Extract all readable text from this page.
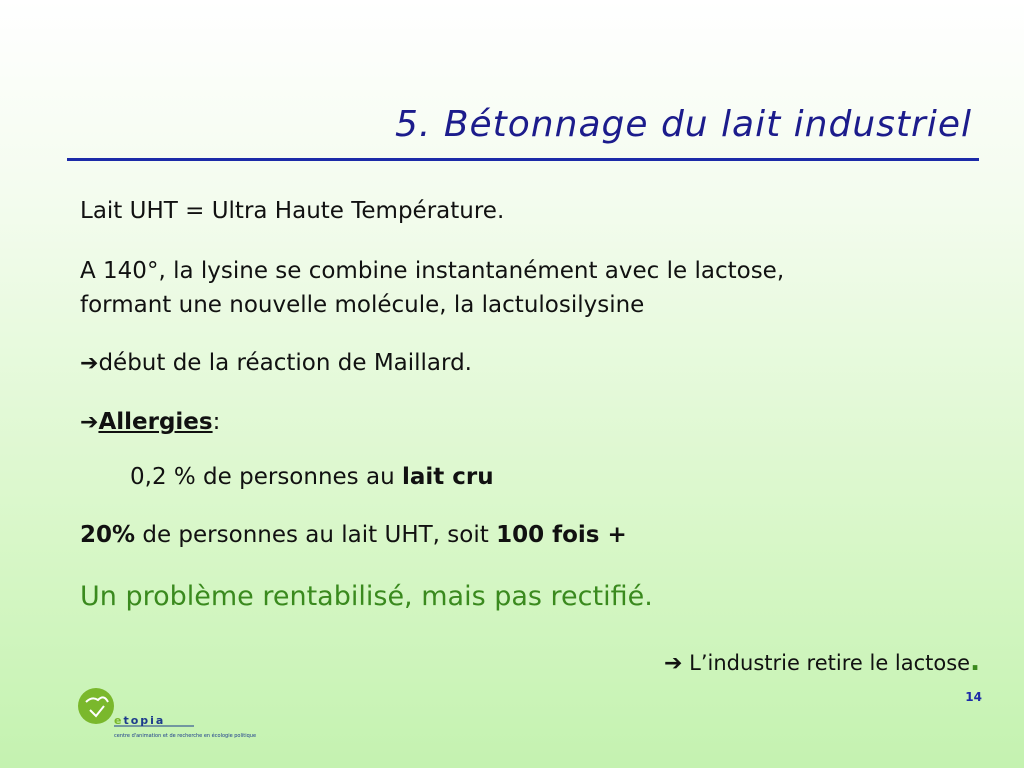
5. Bétonnage du lait industriel
Lait UHT = Ultra Haute Température.
A 140°, la lysine se combine instantanément avec le lactose,
formant une nouvelle molécule, la lactulosilysine
➔début de la réaction de Maillard.
➔Allergies:
0,2 % de personnes au lait cru
20% de personnes au lait UHT, soit 100 fois +
Un problème rentabilisé, mais pas rectifié.
➔ L’industrie retire le lactose.
14
etopia
centre d'animation et de recherche en écologie politique
